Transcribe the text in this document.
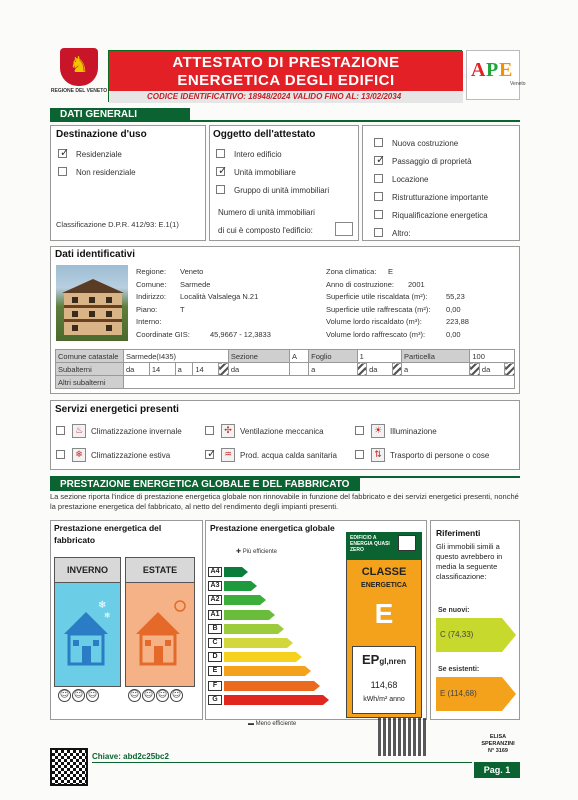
♞
REGIONE DEL VENETO
ATTESTATO DI PRESTAZIONE
ENERGETICA DEGLI EDIFICI
CODICE IDENTIFICATIVO: 18948/2024 VALIDO FINO AL: 13/02/2034
A P E
Veneto
DATI GENERALI
Destinazione d'uso
✓
Residenziale
Non residenziale
Classificazione D.P.R. 412/93: E.1(1)
Oggetto dell'attestato
Intero edificio
✓
Unità immobiliare
Gruppo di unità immobiliari
Numero di unità immobiliari
di cui è composto l'edificio:
Nuova costruzione
✓
Passaggio di proprietà
Locazione
Ristrutturazione importante
Riqualificazione energetica
Altro:
Dati identificativi
Regione: Veneto
Comune: Sarmede
Indirizzo: Località Valsalega N.21
Piano:	T
Interno:
Coordinate GIS:	45,9667 - 12,3833
Zona climatica: E
Anno di costruzione: 2001
Superficie utile riscaldata (m²): 55,23
Superficie utile raffrescata (m²): 0,00
Volume lordo riscaldato (m³):	223,88
Volume lordo raffrescato (m³):	0,00
Comune catastale	Sarmede(I435)					Sezione	A	Foglio	1			Particella	100		
Subalterni	da	14	a	14		da		a		da		a		da	
Altri subalterni															
Servizi energetici presenti
♨ Climatizzazione invernale	✣	Ventilazione meccanica	☀ Illuminazione
❄	Climatizzazione estiva ✓	♒ Prod. acqua calda sanitaria	⇅	Trasporto di persone o cose
PRESTAZIONE ENERGETICA GLOBALE E DEL FABBRICATO
La sezione riporta l'indice di prestazione energetica globale non rinnovabile in funzione del fabbricato e dei servizi energetici presenti, nonché la prestazione energetica del fabbricato, al netto del rendimento degli impianti presenti.
Prestazione energetica del
fabbricato
INVERNO	ESTATE
❄
❄
☺ ☺ ☺	☺ ☺ ☺ ☺
Prestazione energetica globale
✚ Più efficiente
▬ Meno efficiente
A4
A3
A2
A1
B
C
D
E
F
G
EDIFICIO A ENERGIA QUASI ZERO
CLASSE
ENERGETICA
E
EPgl,nren
114,68
kWh/m² anno
Riferimenti
Gli immobili simili a questo avrebbero in media la seguente classificazione:
Se nuovi:
C (74,33)
Se esistenti:
E (114,68)
ELISA SPERANZINI N° 3169
Chiave: abd2c25bc2
Pag. 1
